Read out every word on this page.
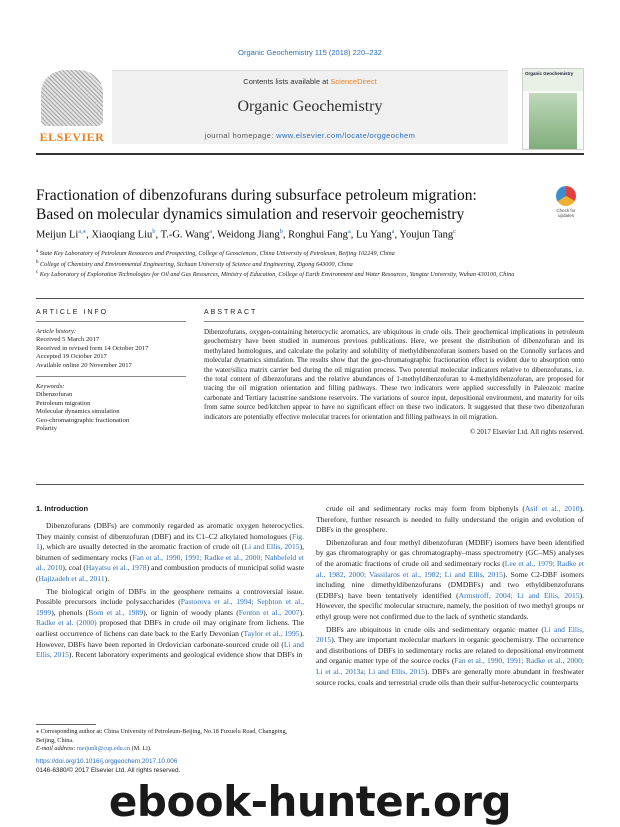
Organic Geochemistry 115 (2018) 220–232
ELSEVIER
Contents lists available at ScienceDirect
Organic Geochemistry
journal homepage: www.elsevier.com/locate/orggeochem
Organic Geochemistry
Fractionation of dibenzofurans during subsurface petroleum migration: Based on molecular dynamics simulation and reservoir geochemistry	Check for updates
Meijun $Li^{a,⁎}$, Xiaoqiang Liu$^b$, T.-G. Wang$^a$, Weidong Jiang$^b$, Ronghui Fang$^a$, Lu Yang$^a$, Youjun Tang$^c$
$^a$ State Key Laboratory of Petroleum Resources and Prospecting, College of Geosciences, China University of Petroleum, Beijing 102249, China
$^b$ College of Chemistry and Environmental Engineering, Sichuan University of Science and Engineering, Zigong 643000, China
$^c$ Key Laboratory of Exploration Technologies for Oil and Gas Resources, Ministry of Education, College of Earth Environment and Water Resources, Yangtze University, Wuhan 430100, China
ARTICLE INFO
Article history:
Received 5 March 2017
Received in revised form 14 October 2017
Accepted 19 October 2017
Available online 20 November 2017
Keywords:
Dibenzofuran
Petroleum migration
Molecular dynamics simulation
Geo-chromatographic fractionation
Polarity
ABSTRACT
Dibenzofurans, oxygen-containing heterocyclic aromatics, are ubiquitous in crude oils. Their geochemical implications in petroleum geochemistry have been studied in numerous previous publications. Here, we present the distribution of dibenzofuran and its methylated homologues, and calculate the polarity and solubility of methyldibenzofuran isomers based on the Connolly surfaces and molecular dynamics simulation. The results show that the geo-chromatographic fractionation effect is evident due to absorption onto the water/silica matrix carrier bed during the oil migration process. Two potential molecular indicators relative to dibenzofurans, i.e. the total content of dibenzofurans and the relative abundances of 1-methyldibenzofuran to 4-methyldibenzofuran, are proposed for tracing the oil migration orientation and filling pathways. These two indicators were applied successfully in Paleozoic marine carbonate and Tertiary lacustrine sandstone reservoirs. The variations of source input, depositional environment, and maturity for oils from same source bed/kitchen appear to have no significant effect on these two indicators. It suggested that these two dibenzofuran indicators are potentially effective molecular tracers for orientation and filling pathways in oil migration.
© 2017 Elsevier Ltd. All rights reserved.
1. Introduction

Dibenzofurans (DBFs) are commonly regarded as aromatic oxygen heterocyclics. They mainly consist of dibenzofuran (DBF) and its C1–C2 alkylated homologues (Fig. 1), which are usually detected in the aromatic fraction of crude oil (Li and Ellis, 2015), bitumen of sedimentary rocks (Fan et al., 1990, 1991; Radke et al., 2000; Nabbefeld et al., 2010), coal (Hayatsu et al., 1978) and combustion products of municipal solid waste (Hajizadeh et al., 2011).

The biological origin of DBFs in the geosphere remains a controversial issue. Possible precursors include polysaccharides (Pastorova et al., 1994; Sephton et al., 1999), phenols (Born et al., 1989), or lignin of woody plants (Fenton et al., 2007). Radke et al. (2000) proposed that DBFs in crude oil may originate from lichens. The earliest occurrence of lichens can date back to the Early Devonian (Taylor et al., 1995). However, DBFs have been reported in Ordovician carbonate-sourced crude oil (Li and Ellis, 2015). Recent laboratory experiments and geological evidence show that DBFs in

crude oil and sedimentary rocks may form from biphenyls (Asif et al., 2010). Therefore, further research is needed to fully understand the origin and evolution of DBFs in the geosphere.

Dibenzofuran and four methyl dibenzofuran (MDBF) isomers have been identified by gas chromatography or gas chromatography–mass spectrometry (GC–MS) analyses of the aromatic fractions of crude oil and sedimentary rocks (Lee et al., 1979; Radke et al., 1982, 2000; Vassilaros et al., 1982; Li and Ellis, 2015). Some C2-DBF isomers including nine dimethyldibenzofurans (DMDBFs) and two ethyldibenzofurans (EDBFs) have been tentatively identified (Armstroff, 2004; Li and Ellis, 2015). However, the specific molecular structure, namely, the position of two methyl groups or ethyl group were not confirmed due to the lack of synthetic standards.

DBFs are ubiquitous in crude oils and sedimentary organic matter (Li and Ellis, 2015). They are important molecular markers in organic geochemistry. The occurrence and distributions of DBFs in sedimentary rocks are related to depositional environment and organic matter type of the source rocks (Fan et al., 1990, 1991; Radke et al., 2000; Li et al., 2013a; Li and Ellis, 2015). DBFs are generally more abundant in freshwater source rocks, coals and terrestrial crude oils than their sulfur-heterocyclic counterparts

⁎ Corresponding author at: China University of Petroleum-Beijing, No.18 Fuxuelu Road, Changping, Beijing, China.
E-mail address: meijunli@cup.edu.cn (M. Li).
https://doi.org/10.1016/j.orggeochem.2017.10.006
0146-6380/© 2017 Elsevier Ltd. All rights reserved.
ebook-hunter.org
